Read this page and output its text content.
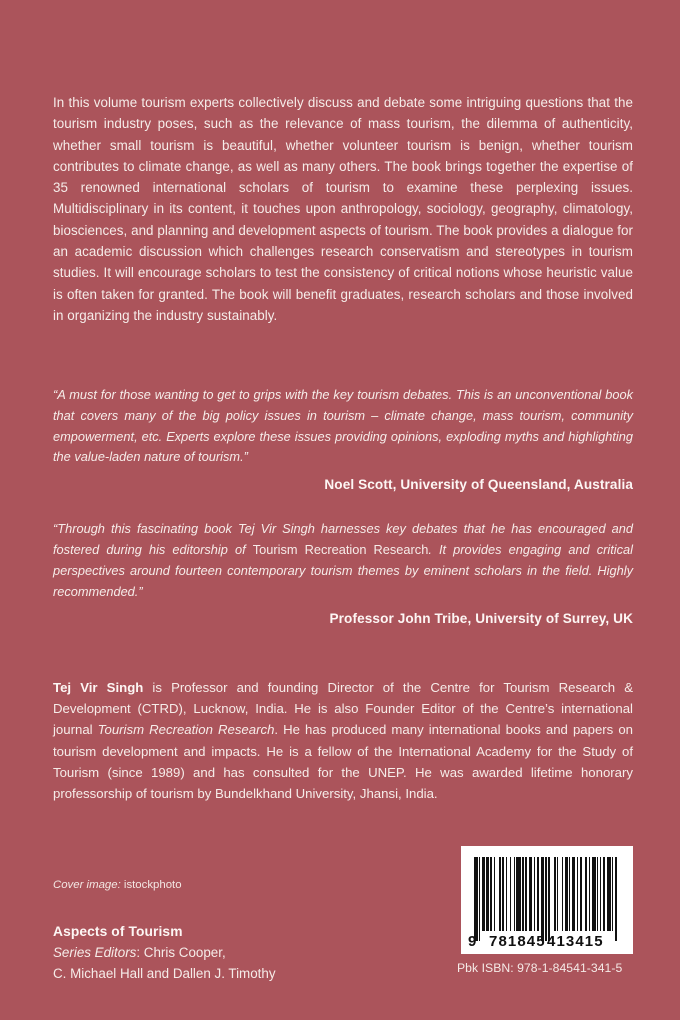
In this volume tourism experts collectively discuss and debate some intriguing questions that the tourism industry poses, such as the relevance of mass tourism, the dilemma of authenticity, whether small tourism is beautiful, whether volunteer tourism is benign, whether tourism contributes to climate change, as well as many others. The book brings together the expertise of 35 renowned international scholars of tourism to examine these perplexing issues. Multidisciplinary in its content, it touches upon anthropology, sociology, geography, climatology, biosciences, and planning and development aspects of tourism. The book provides a dialogue for an academic discussion which challenges research conservatism and stereotypes in tourism studies. It will encourage scholars to test the consistency of critical notions whose heuristic value is often taken for granted. The book will benefit graduates, research scholars and those involved in organizing the industry sustainably.
“A must for those wanting to get to grips with the key tourism debates. This is an unconventional book that covers many of the big policy issues in tourism – climate change, mass tourism, community empowerment, etc. Experts explore these issues providing opinions, exploding myths and highlighting the value-laden nature of tourism.”
Noel Scott, University of Queensland, Australia
“Through this fascinating book Tej Vir Singh harnesses key debates that he has encouraged and fostered during his editorship of Tourism Recreation Research. It provides engaging and critical perspectives around fourteen contemporary tourism themes by eminent scholars in the field. Highly recommended.”
Professor John Tribe, University of Surrey, UK
Tej Vir Singh is Professor and founding Director of the Centre for Tourism Research & Development (CTRD), Lucknow, India. He is also Founder Editor of the Centre’s international journal Tourism Recreation Research. He has produced many international books and papers on tourism development and impacts. He is a fellow of the International Academy for the Study of Tourism (since 1989) and has consulted for the UNEP. He was awarded lifetime honorary professorship of tourism by Bundelkhand University, Jhansi, India.
Cover image: istockphoto
Aspects of Tourism
Series Editors: Chris Cooper,
C. Michael Hall and Dallen J. Timothy
9 781845 413415
Pbk ISBN: 978-1-84541-341-5
